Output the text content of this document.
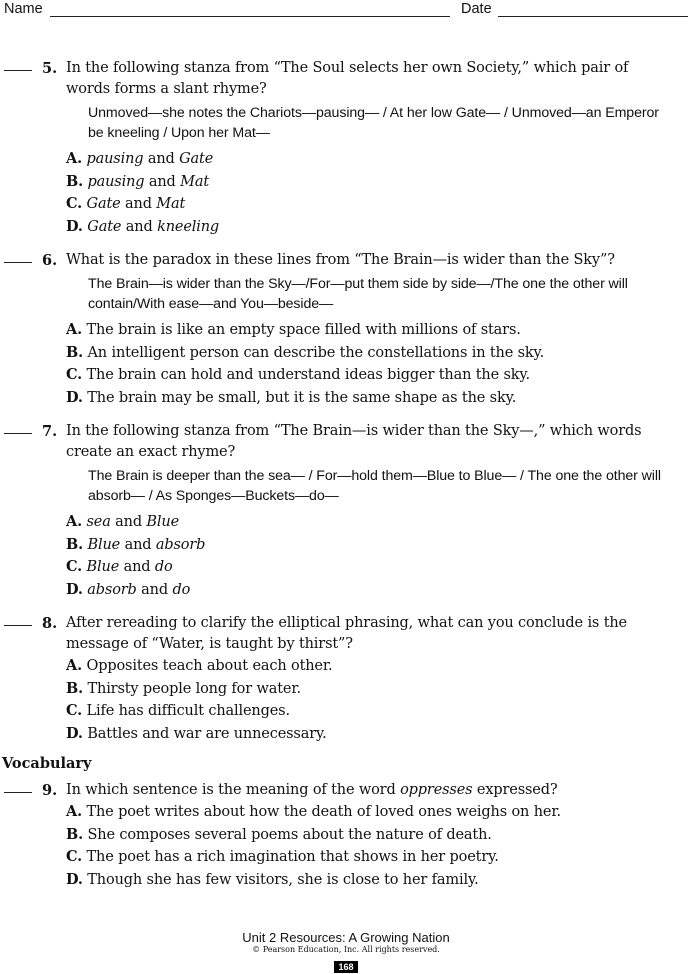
Name	Date
5. In the following stanza from “The Soul selects her own Society,” which pair of words forms a slant rhyme?
Unmoved—she notes the Chariots—pausing— / At her low Gate— / Unmoved—an Emperor be kneeling / Upon her Mat—
A. pausing and Gate
B. pausing and Mat
C. Gate and Mat
D. Gate and kneeling
6. What is the paradox in these lines from “The Brain—is wider than the Sky”?
The Brain—is wider than the Sky—/For—put them side by side—/The one the other will contain/With ease—and You—beside—
A. The brain is like an empty space filled with millions of stars.
B. An intelligent person can describe the constellations in the sky.
C. The brain can hold and understand ideas bigger than the sky.
D. The brain may be small, but it is the same shape as the sky.
7. In the following stanza from “The Brain—is wider than the Sky—,” which words create an exact rhyme?
The Brain is deeper than the sea— / For—hold them—Blue to Blue— / The one the other will absorb— / As Sponges—Buckets—do—
A. sea and Blue
B. Blue and absorb
C. Blue and do
D. absorb and do
8. After rereading to clarify the elliptical phrasing, what can you conclude is the message of “Water, is taught by thirst”?
A. Opposites teach about each other.
B. Thirsty people long for water.
C. Life has difficult challenges.
D. Battles and war are unnecessary.
Vocabulary
9. In which sentence is the meaning of the word oppresses expressed?
A. The poet writes about how the death of loved ones weighs on her.
B. She composes several poems about the nature of death.
C. The poet has a rich imagination that shows in her poetry.
D. Though she has few visitors, she is close to her family.
Unit 2 Resources: A Growing Nation
© Pearson Education, Inc. All rights reserved.
168
